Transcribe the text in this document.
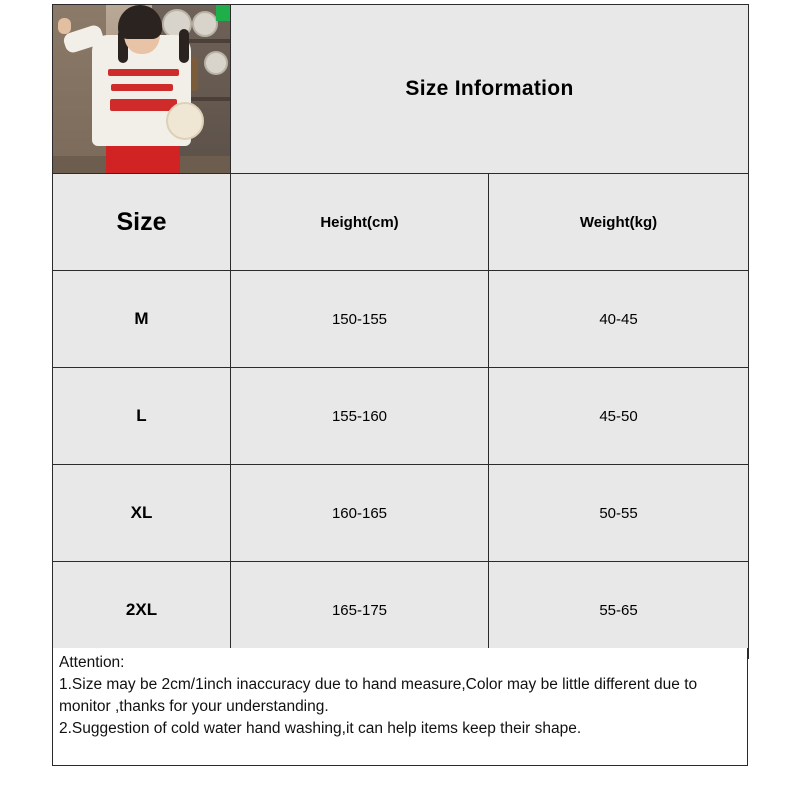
	Size Information	
Size	Height(cm)	Weight(kg)
M	150-155	40-45
L	155-160	45-50
XL	160-165	50-55
2XL	165-175	55-65

Attention:

1.Size may be 2cm/1inch inaccuracy due to hand measure,Color may be little different due to monitor ,thanks for your understanding.

2.Suggestion of cold water hand washing,it can help items keep their shape.
